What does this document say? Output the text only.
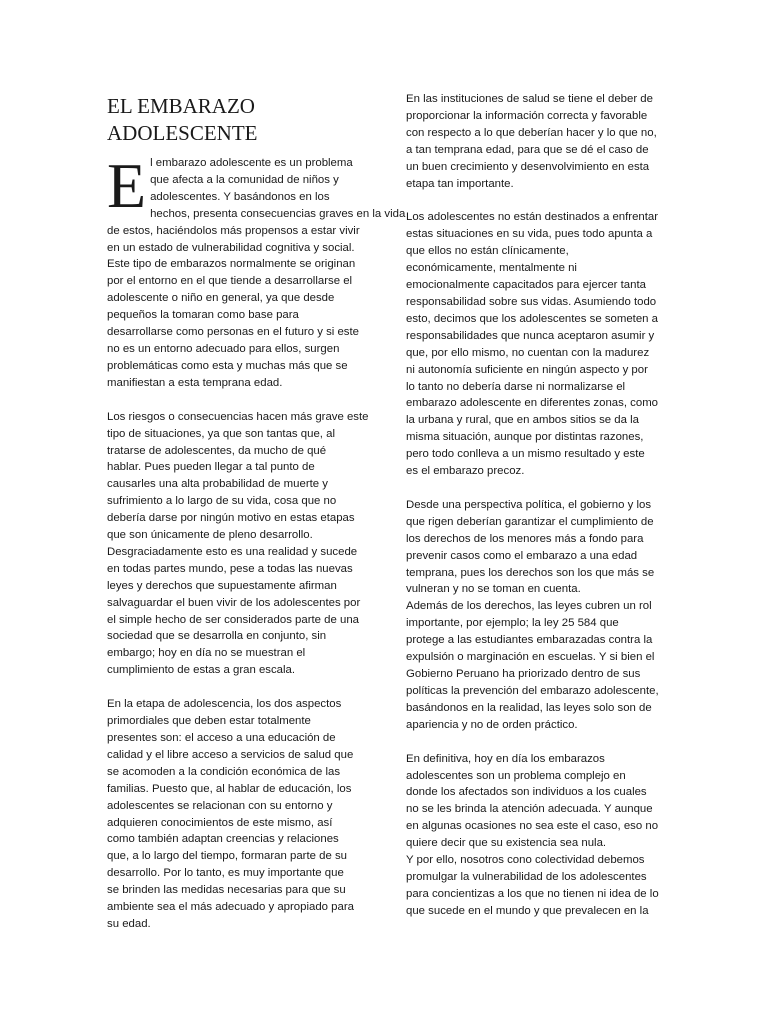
EL EMBARAZO
ADOLESCENTE
E l embarazo adolescente es un problema
que afecta a la comunidad de niños y
adolescentes. Y basándonos en los
hechos, presenta consecuencias graves en la vida
de estos, haciéndolos más propensos a estar vivir
en un estado de vulnerabilidad cognitiva y social.
Este tipo de embarazos normalmente se originan
por el entorno en el que tiende a desarrollarse el
adolescente o niño en general, ya que desde
pequeños la tomaran como base para
desarrollarse como personas en el futuro y si este
no es un entorno adecuado para ellos, surgen
problemáticas como esta y muchas más que se
manifiestan a esta temprana edad.

Los riesgos o consecuencias hacen más grave este
tipo de situaciones, ya que son tantas que, al
tratarse de adolescentes, da mucho de qué
hablar. Pues pueden llegar a tal punto de
causarles una alta probabilidad de muerte y
sufrimiento a lo largo de su vida, cosa que no
debería darse por ningún motivo en estas etapas
que son únicamente de pleno desarrollo.
Desgraciadamente esto es una realidad y sucede
en todas partes mundo, pese a todas las nuevas
leyes y derechos que supuestamente afirman
salvaguardar el buen vivir de los adolescentes por
el simple hecho de ser considerados parte de una
sociedad que se desarrolla en conjunto, sin
embargo; hoy en día no se muestran el
cumplimiento de estas a gran escala.

En la etapa de adolescencia, los dos aspectos
primordiales que deben estar totalmente
presentes son: el acceso a una educación de
calidad y el libre acceso a servicios de salud que
se acomoden a la condición económica de las
familias. Puesto que, al hablar de educación, los
adolescentes se relacionan con su entorno y
adquieren conocimientos de este mismo, así
como también adaptan creencias y relaciones
que, a lo largo del tiempo, formaran parte de su
desarrollo. Por lo tanto, es muy importante que
se brinden las medidas necesarias para que su
ambiente sea el más adecuado y apropiado para
su edad.

En las instituciones de salud se tiene el deber de
proporcionar la información correcta y favorable
con respecto a lo que deberían hacer y lo que no,
a tan temprana edad, para que se dé el caso de
un buen crecimiento y desenvolvimiento en esta
etapa tan importante.

Los adolescentes no están destinados a enfrentar
estas situaciones en su vida, pues todo apunta a
que ellos no están clínicamente,
económicamente, mentalmente ni
emocionalmente capacitados para ejercer tanta
responsabilidad sobre sus vidas. Asumiendo todo
esto, decimos que los adolescentes se someten a
responsabilidades que nunca aceptaron asumir y
que, por ello mismo, no cuentan con la madurez
ni autonomía suficiente en ningún aspecto y por
lo tanto no debería darse ni normalizarse el
embarazo adolescente en diferentes zonas, como
la urbana y rural, que en ambos sitios se da la
misma situación, aunque por distintas razones,
pero todo conlleva a un mismo resultado y este
es el embarazo precoz.

Desde una perspectiva política, el gobierno y los
que rigen deberían garantizar el cumplimiento de
los derechos de los menores más a fondo para
prevenir casos como el embarazo a una edad
temprana, pues los derechos son los que más se
vulneran y no se toman en cuenta.
Además de los derechos, las leyes cubren un rol
importante, por ejemplo; la ley 25 584 que
protege a las estudiantes embarazadas contra la
expulsión o marginación en escuelas. Y si bien el
Gobierno Peruano ha priorizado dentro de sus
políticas la prevención del embarazo adolescente,
basándonos en la realidad, las leyes solo son de
apariencia y no de orden práctico.

En definitiva, hoy en día los embarazos
adolescentes son un problema complejo en
donde los afectados son individuos a los cuales
no se les brinda la atención adecuada. Y aunque
en algunas ocasiones no sea este el caso, eso no
quiere decir que su existencia sea nula.
Y por ello, nosotros cono colectividad debemos
promulgar la vulnerabilidad de los adolescentes
para concientizas a los que no tienen ni idea de lo
que sucede en el mundo y que prevalecen en la
